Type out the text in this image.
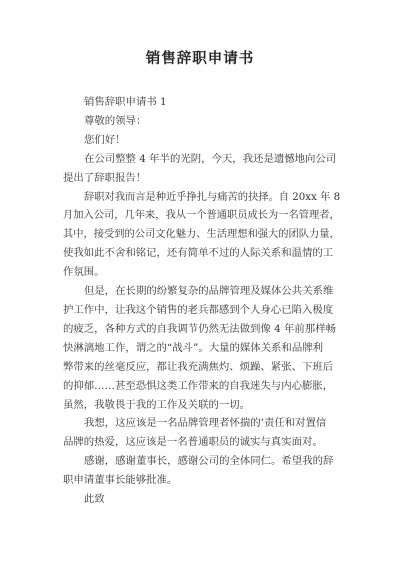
销售辞职申请书
销售辞职申请书 1
尊敬的领导：
您们好！
在公司整整 4 年半的光阴，今天，我还是遗憾地向公司
提出了辞职报告！
辞职对我而言是种近乎挣扎与痛苦的抉择。自 20xx 年 8
月加入公司，几年来，我从一个普通职员成长为一名管理者，
其中，接受到的公司文化魅力、生活理想和强大的团队力量，
使我如此不舍和铭记，还有简单不过的人际关系和温情的工
作氛围。
但是，在长期的纷繁复杂的品牌管理及媒体公共关系维
护工作中，让我这个销售的老兵都感到个人身心已陷入极度
的疲乏，各种方式的自我调节仍然无法做到像 4 年前那样畅
快淋漓地工作，谓之的“战斗”。大量的媒体关系和品牌利
弊带来的丝毫反应，都让我充满焦灼、烦躁、紧张、下班后
的抑郁……甚至恐惧这类工作带来的自我迷失与内心膨胀，
虽然，我敬畏于我的工作及关联的一切。
我想，这应该是一名品牌管理者怀揣的’责任和对置信
品牌的热爱，这应该是一名普通职员的诚实与真实面对。
感谢，感谢董事长，感谢公司的全体同仁。希望我的辞
职申请董事长能够批准。
此致
